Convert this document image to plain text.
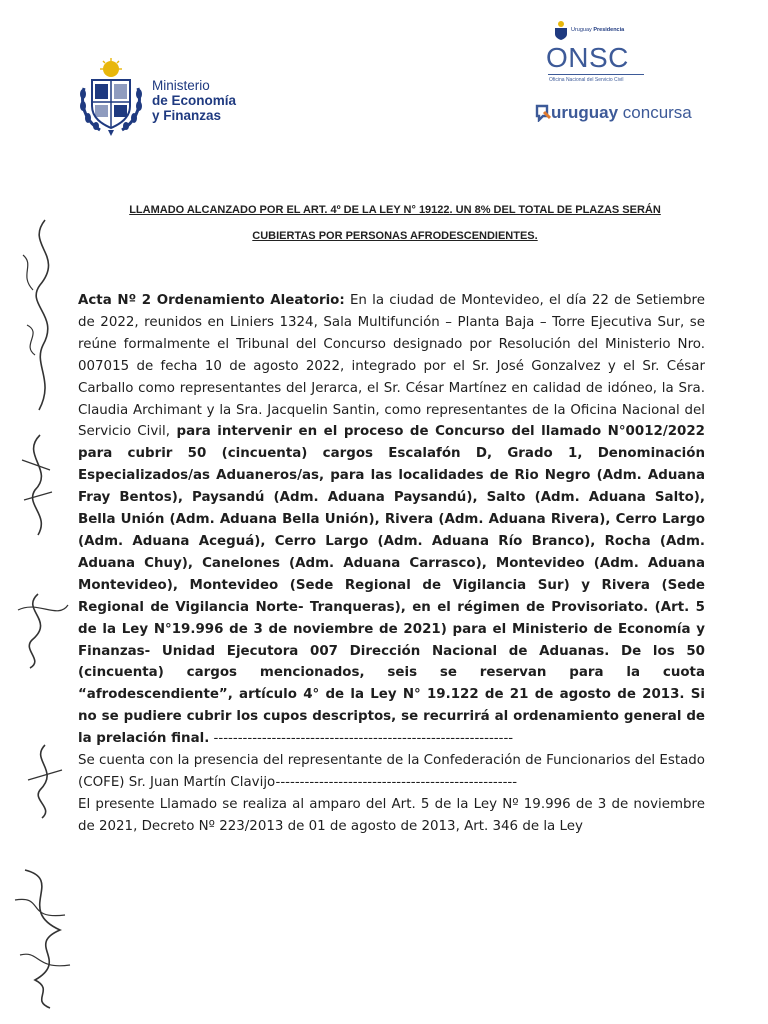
Ministerio
de Economía
y Finanzas
Uruguay Presidencia
ONSC
Oficina Nacional del Servicio Civil
uruguay concursa
LLAMADO ALCANZADO POR EL ART. 4º DE LA LEY N° 19122. UN 8% DEL TOTAL DE PLAZAS SERÁN
CUBIERTAS POR PERSONAS AFRODESCENDIENTES.

Acta Nº 2 Ordenamiento Aleatorio: En la ciudad de Montevideo, el día 22 de Setiembre de 2022, reunidos en Liniers 1324, Sala Multifunción – Planta Baja – Torre Ejecutiva Sur, se reúne formalmente el Tribunal del Concurso designado por Resolución del Ministerio Nro. 007015 de fecha 10 de agosto 2022, integrado por el Sr. José Gonzalvez y el Sr. César Carballo como representantes del Jerarca, el Sr. César Martínez en calidad de idóneo, la Sra. Claudia Archimant y la Sra. Jacquelin Santin, como representantes de la Oficina Nacional del Servicio Civil, para intervenir en el proceso de Concurso del llamado N°0012/2022 para cubrir 50 (cincuenta) cargos Escalafón D, Grado 1, Denominación Especializados/as Aduaneros/as, para las localidades de Rio Negro (Adm. Aduana Fray Bentos), Paysandú (Adm. Aduana Paysandú), Salto (Adm. Aduana Salto), Bella Unión (Adm. Aduana Bella Unión), Rivera (Adm. Aduana Rivera), Cerro Largo (Adm. Aduana Aceguá), Cerro Largo (Adm. Aduana Río Branco), Rocha (Adm. Aduana Chuy), Canelones (Adm. Aduana Carrasco), Montevideo (Adm. Aduana Montevideo), Montevideo (Sede Regional de Vigilancia Sur) y Rivera (Sede Regional de Vigilancia Norte- Tranqueras), en el régimen de Provisoriato. (Art. 5 de la Ley N°19.996 de 3 de noviembre de 2021) para el Ministerio de Economía y Finanzas- Unidad Ejecutora 007 Dirección Nacional de Aduanas. De los 50 (cincuenta) cargos mencionados, seis se reservan para la cuota “afrodescendiente”, artículo 4° de la Ley N° 19.122 de 21 de agosto de 2013. Si no se pudiere cubrir los cupos descriptos, se recurrirá al ordenamiento general de la prelación final. --------------------------------------------------------------

Se cuenta con la presencia del representante de la Confederación de Funcionarios del Estado (COFE) Sr. Juan Martín Clavijo--------------------------------------------------

El presente Llamado se realiza al amparo del Art. 5 de la Ley Nº 19.996 de 3 de noviembre de 2021, Decreto Nº 223/2013 de 01 de agosto de 2013, Art. 346 de la Ley
